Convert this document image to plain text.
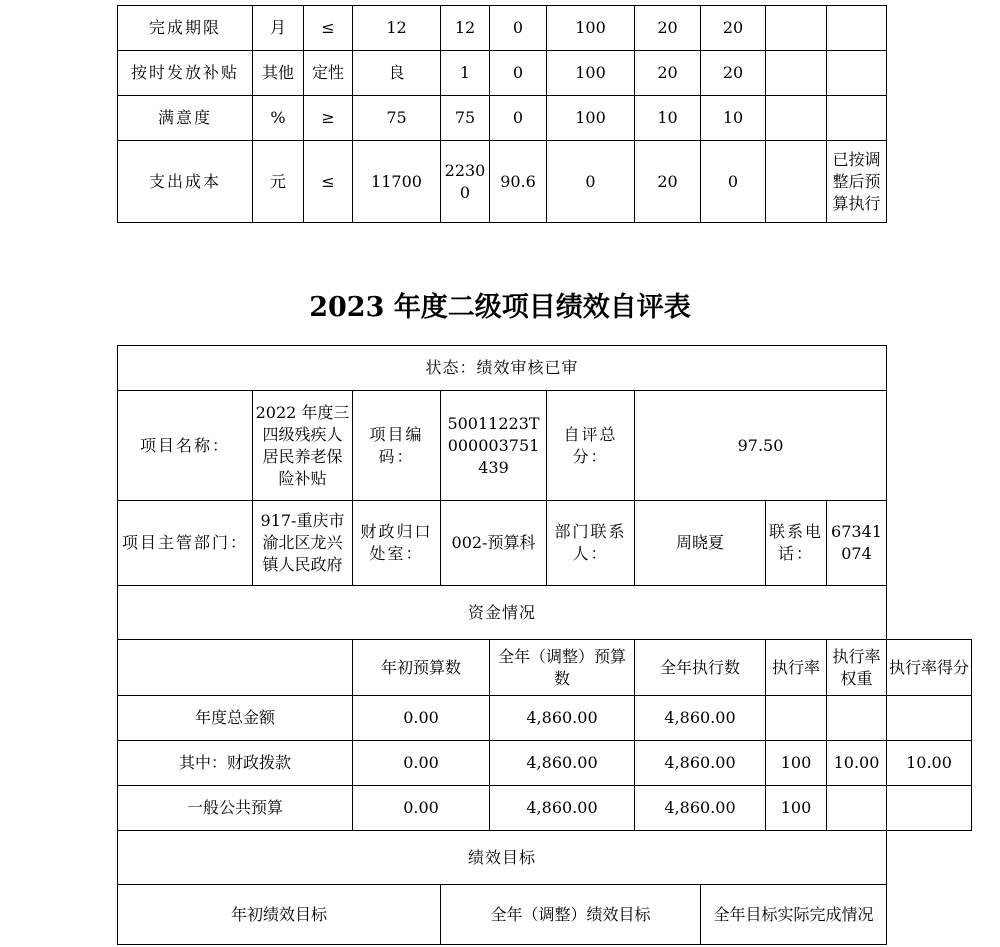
完成期限	月	≤	12	12	0	100	20	20		
按时发放补贴	其他	定性	良	1	0	100	20	20		
满意度	%	≥	75	75	0	100	10	10		
支出成本	元	≤	11700	22300	90.6	0	20	0		已按调整后预算执行
2023 年度二级项目绩效自评表
状态：绩效审核已审										
项目名称：	2022 年度三四级残疾人居民养老保险补贴	项目编码：	50011223T000003751439		自评总分：	97.50				
项目主管部门：	917-重庆市渝北区龙兴镇人民政府	财政归口处室：	002-预算科		部门联系人：	周晓夏		联系电话：	67341074	
资金情况										
		年初预算数		全年（调整）预算数		全年执行数		执行率	执行率权重	执行率得分
年度总金额		0.00		4,860.00		4,860.00				
其中：财政拨款		0.00		4,860.00		4,860.00		100	10.00	10.00
一般公共预算		0.00		4,860.00		4,860.00		100		
绩效目标										
年初绩效目标			全年（调整）绩效目标				全年目标实际完成情况			
